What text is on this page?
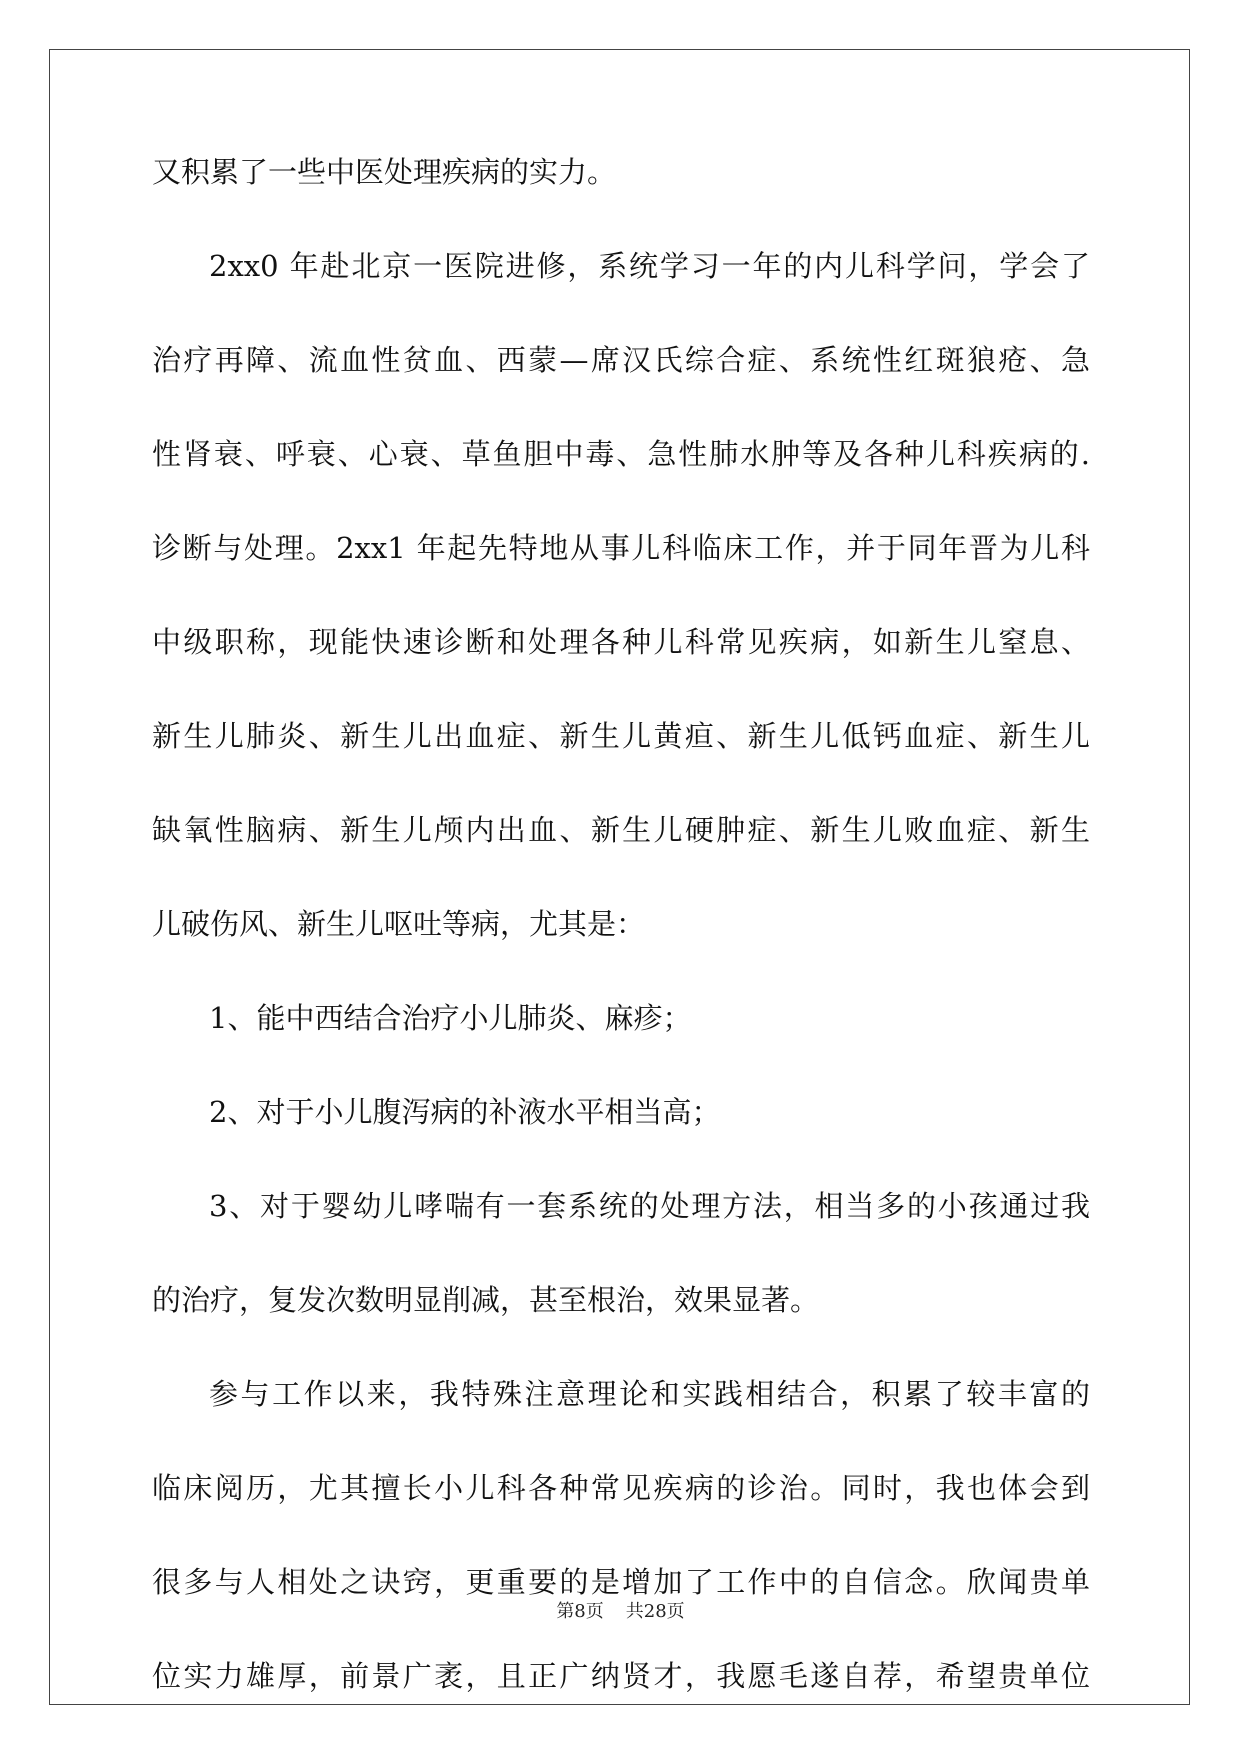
又积累了一些中医处理疾病的实力。
2xx0 年赴北京一医院进修，系统学习一年的内儿科学问，学会了
治疗再障、流血性贫血、西蒙—席汉氏综合症、系统性红斑狼疮、急
性肾衰、呼衰、心衰、草鱼胆中毒、急性肺水肿等及各种儿科疾病的.
诊断与处理。2xx1 年起先特地从事儿科临床工作，并于同年晋为儿科
中级职称，现能快速诊断和处理各种儿科常见疾病，如新生儿窒息、
新生儿肺炎、新生儿出血症、新生儿黄疸、新生儿低钙血症、新生儿
缺氧性脑病、新生儿颅内出血、新生儿硬肿症、新生儿败血症、新生
儿破伤风、新生儿呕吐等病，尤其是：
1、能中西结合治疗小儿肺炎、麻疹；
2、对于小儿腹泻病的补液水平相当高；
3、对于婴幼儿哮喘有一套系统的处理方法，相当多的小孩通过我
的治疗，复发次数明显削减，甚至根治，效果显著。
参与工作以来，我特殊注意理论和实践相结合，积累了较丰富的
临床阅历，尤其擅长小儿科各种常见疾病的诊治。同时，我也体会到
很多与人相处之诀窍，更重要的是增加了工作中的自信念。欣闻贵单
位实力雄厚，前景广袤，且正广纳贤才，我愿毛遂自荐，希望贵单位
第8页 共28页
